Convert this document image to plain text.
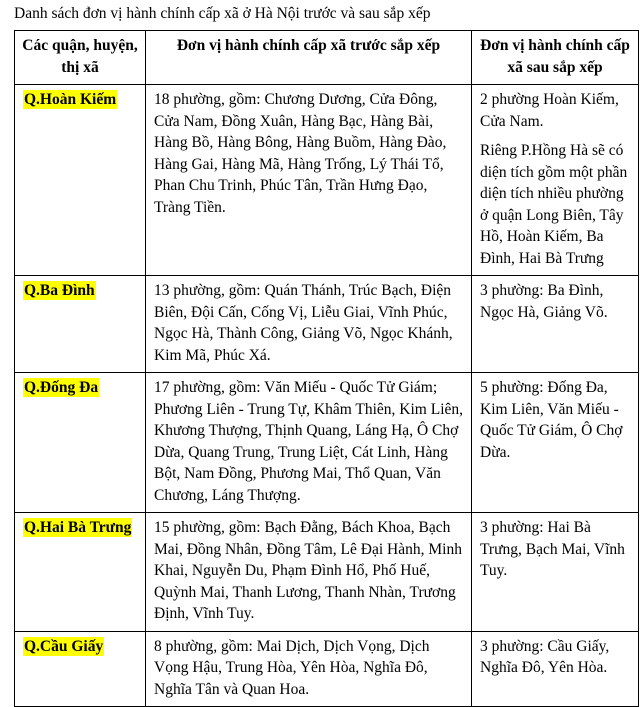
Danh sách đơn vị hành chính cấp xã ở Hà Nội trước và sau sắp xếp
Các quận, huyện, thị xã	Đơn vị hành chính cấp xã trước sắp xếp	Đơn vị hành chính cấp xã sau sắp xếp
Q.Hoàn Kiếm	18 phường, gồm: Chương Dương, Cửa Đông, Cửa Nam, Đồng Xuân, Hàng Bạc, Hàng Bài, Hàng Bồ, Hàng Bông, Hàng Buồm, Hàng Đào, Hàng Gai, Hàng Mã, Hàng Trống, Lý Thái Tổ, Phan Chu Trinh, Phúc Tân, Trần Hưng Đạo, Tràng Tiền.	2 phường Hoàn Kiếm, Cửa Nam.

Riêng P.Hồng Hà sẽ có diện tích gồm một phần diện tích nhiều phường ở quận Long Biên, Tây Hồ, Hoàn Kiếm, Ba Đình, Hai Bà Trưng

Q.Ba Đình	13 phường, gồm: Quán Thánh, Trúc Bạch, Điện Biên, Đội Cấn, Cống Vị, Liễu Giai, Vĩnh Phúc, Ngọc Hà, Thành Công, Giảng Võ, Ngọc Khánh, Kim Mã, Phúc Xá.	3 phường: Ba Đình, Ngọc Hà, Giảng Võ.
Q.Đống Đa	17 phường, gồm: Văn Miếu - Quốc Tử Giám; Phương Liên - Trung Tự, Khâm Thiên, Kim Liên, Khương Thượng, Thịnh Quang, Láng Hạ, Ô Chợ Dừa, Quang Trung, Trung Liệt, Cát Linh, Hàng Bột, Nam Đồng, Phương Mai, Thổ Quan, Văn Chương, Láng Thượng.	5 phường: Đống Đa, Kim Liên, Văn Miếu - Quốc Tử Giám, Ô Chợ Dừa.
Q.Hai Bà Trưng	15 phường, gồm: Bạch Đằng, Bách Khoa, Bạch Mai, Đồng Nhân, Đồng Tâm, Lê Đại Hành, Minh Khai, Nguyễn Du, Phạm Đình Hổ, Phố Huế, Quỳnh Mai, Thanh Lương, Thanh Nhàn, Trương Định, Vĩnh Tuy.	3 phường: Hai Bà Trưng, Bạch Mai, Vĩnh Tuy.
Q.Cầu Giấy	8 phường, gồm: Mai Dịch, Dịch Vọng, Dịch Vọng Hậu, Trung Hòa, Yên Hòa, Nghĩa Đô, Nghĩa Tân và Quan Hoa.	3 phường: Cầu Giấy, Nghĩa Đô, Yên Hòa.
